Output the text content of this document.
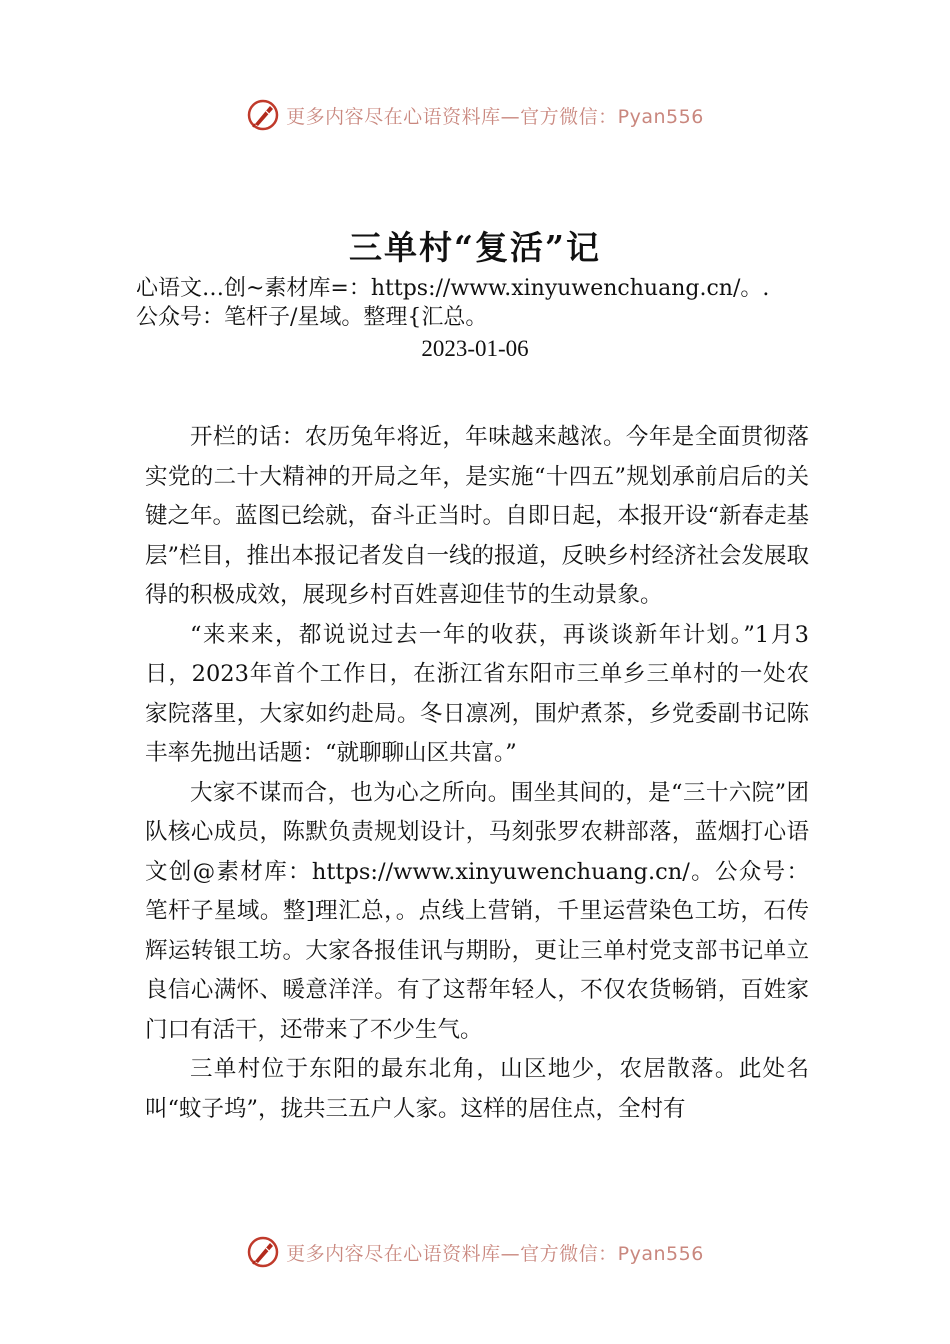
更多内容尽在心语资料库—官方微信：Pyan556
三单村“复活”记
心语文…创~素材库=：https://www.xinyuwenchuang.cn/。.
公众号：笔杆子/星域。整理{汇总。
2023-01-06

开栏的话：农历兔年将近，年味越来越浓。今年是全面贯彻落实党的二十大精神的开局之年，是实施“十四五”规划承前启后的关键之年。蓝图已绘就，奋斗正当时。自即日起，本报开设“新春走基层”栏目，推出本报记者发自一线的报道，反映乡村经济社会发展取得的积极成效，展现乡村百姓喜迎佳节的生动景象。

“来来来，都说说过去一年的收获，再谈谈新年计划。”1月3日，2023年首个工作日，在浙江省东阳市三单乡三单村的一处农家院落里，大家如约赴局。冬日凛冽，围炉煮茶，乡党委副书记陈丰率先抛出话题：“就聊聊山区共富。”

大家不谋而合，也为心之所向。围坐其间的，是“三十六院”团队核心成员，陈默负责规划设计，马刻张罗农耕部落，蓝烟打心语文创@素材库：https://www.xinyuwenchuang.cn/。公众号：笔杆子星域。整]理汇总，。点线上营销，千里运营染色工坊，石传辉运转银工坊。大家各报佳讯与期盼，更让三单村党支部书记单立良信心满怀、暖意洋洋。有了这帮年轻人，不仅农货畅销，百姓家门口有活干，还带来了不少生气。

三单村位于东阳的最东北角，山区地少，农居散落。此处名叫“蚊子坞”，拢共三五户人家。这样的居住点，全村有

更多内容尽在心语资料库—官方微信：Pyan556
